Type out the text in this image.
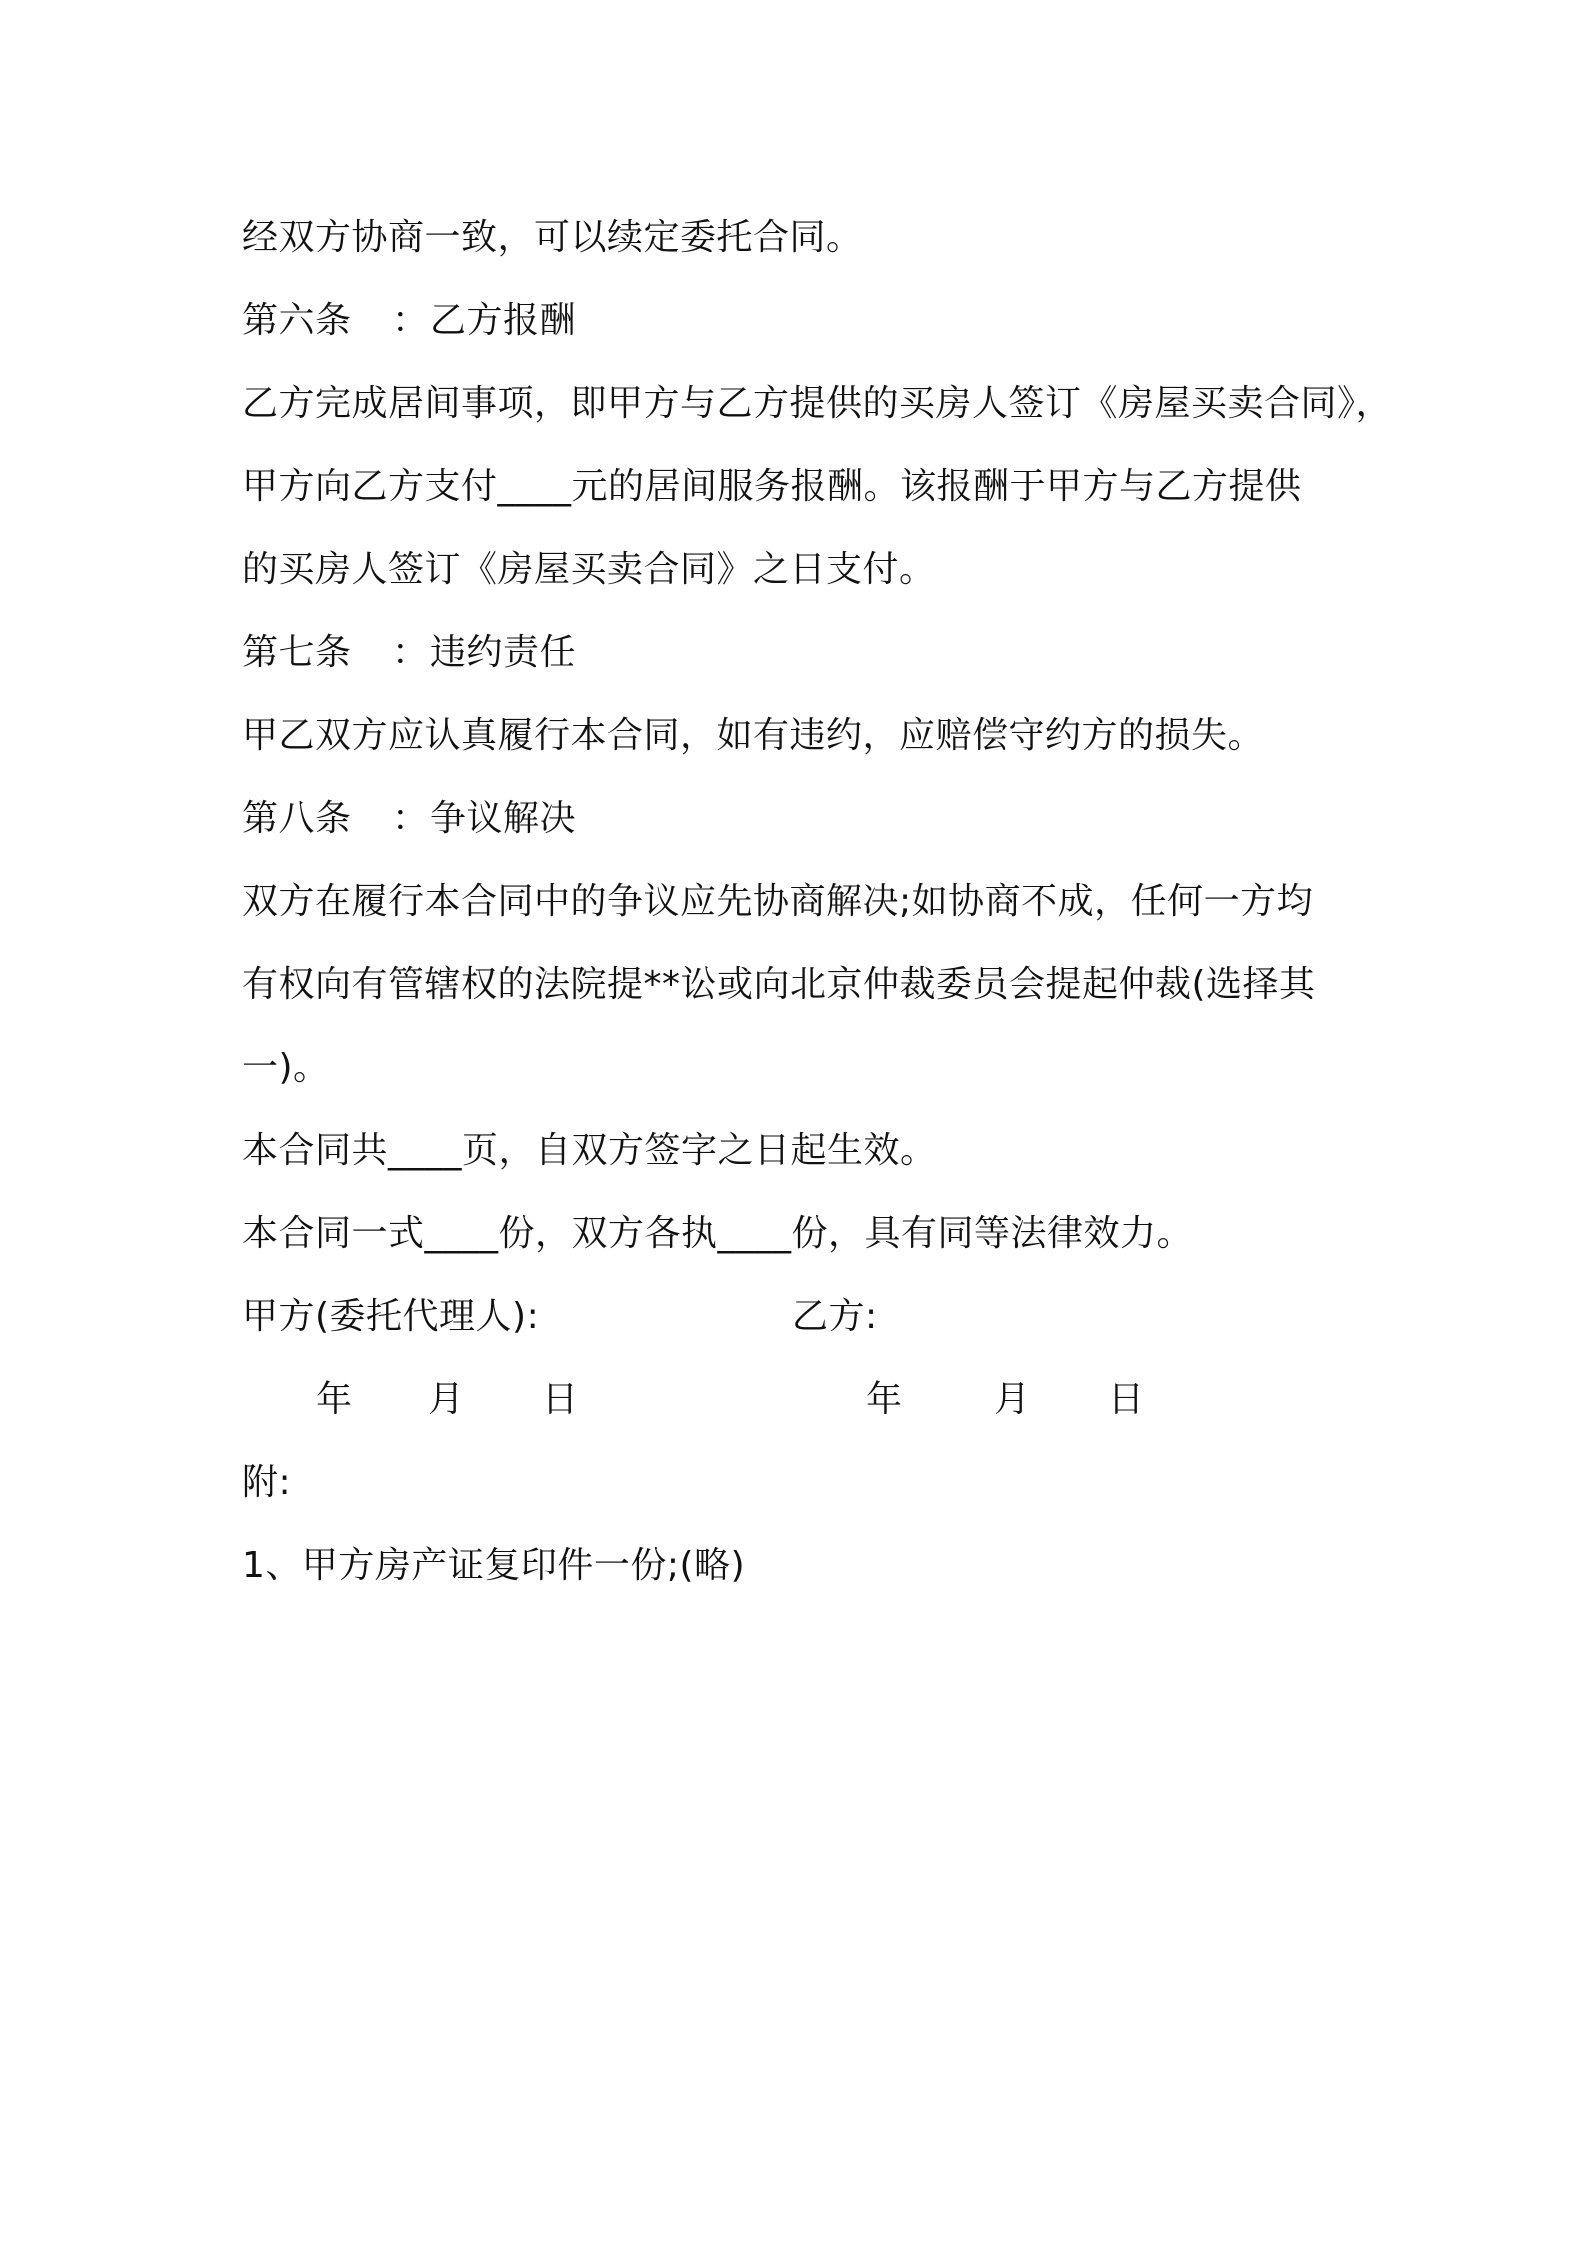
经双方协商一致，可以续定委托合同。
第六条	： 乙方报酬
乙方完成居间事项，即甲方与乙方提供的买房人签订《房屋买卖合同》，
甲方向乙方支付____元的居间服务报酬。该报酬于甲方与乙方提供
的买房人签订《房屋买卖合同》之日支付。
第七条	： 违约责任
甲乙双方应认真履行本合同，如有违约，应赔偿守约方的损失。
第八条	： 争议解决
双方在履行本合同中的争议应先协商解决;如协商不成，任何一方均
有权向有管辖权的法院提**讼或向北京仲裁委员会提起仲裁(选择其
一)。
本合同共____页，自双方签字之日起生效。
本合同一式____份，双方各执____份，具有同等法律效力。
甲方(委托代理人):	乙方:
年 月 日	年	月 日
附:
1、甲方房产证复印件一份;(略)
